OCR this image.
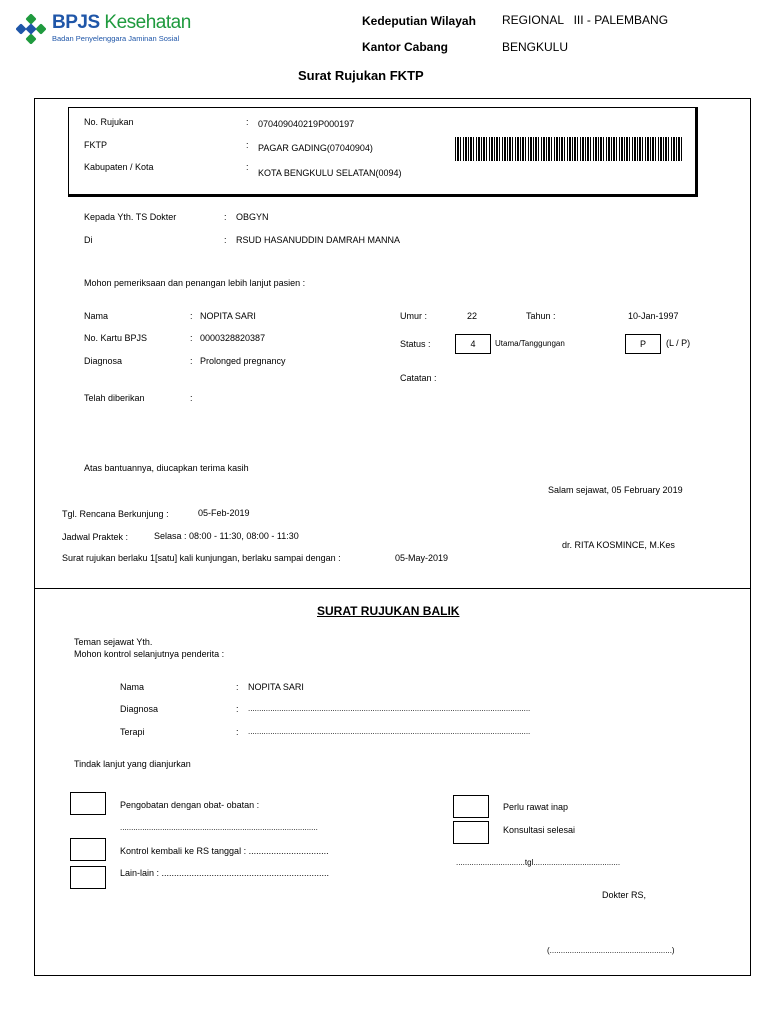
BPJS Kesehatan
Badan Penyelenggara Jaminan Sosial
Kedeputian Wilayah REGIONAL   III - PALEMBANG
Kantor Cabang	BENGKULU
Surat Rujukan FKTP
No. Rujukan	: 070409040219P000197
FKTP	: PAGAR GADING(07040904)
Kabupaten / Kota	:
KOTA BENGKULU SELATAN(0094)
Kepada Yth. TS Dokter	: OBGYN
Di	: RSUD HASANUDDIN DAMRAH MANNA
Mohon pemeriksaan dan penangan lebih lanjut pasien :
Nama	: NOPITA SARI
No. Kartu BPJS	: 0000328820387
Diagnosa	: Prolonged pregnancy
Telah diberikan	:
Umur :	22	Tahun :	10-Jan-1997
Status :	4	Utama/Tanggungan	P	(L / P)
Catatan :
Atas bantuannya, diucapkan terima kasih
Salam sejawat, 05 February 2019
Tgl. Rencana Berkunjung :	05-Feb-2019
Jadwal Praktek :	Selasa : 08:00 - 11:30, 08:00 - 11:30
Surat rujukan berlaku 1[satu] kali kunjungan, berlaku sampai dengan :	05-May-2019
dr. RITA KOSMINCE, M.Kes
SURAT RUJUKAN BALIK
Teman sejawat Yth.
Mohon kontrol selanjutnya penderita :
Nama	: NOPITA SARI
Diagnosa	: ...............................................................................................................................
Terapi	: ...............................................................................................................................
Tindak lanjut yang dianjurkan
Pengobatan dengan obat- obatan :
.........................................................................................
Kontrol kembali ke RS tanggal : ................................
Lain-lain : ...................................................................
Perlu rawat inap
Konsultasi selesai
...............................tgl.......................................
Dokter RS,
(.......................................................)
